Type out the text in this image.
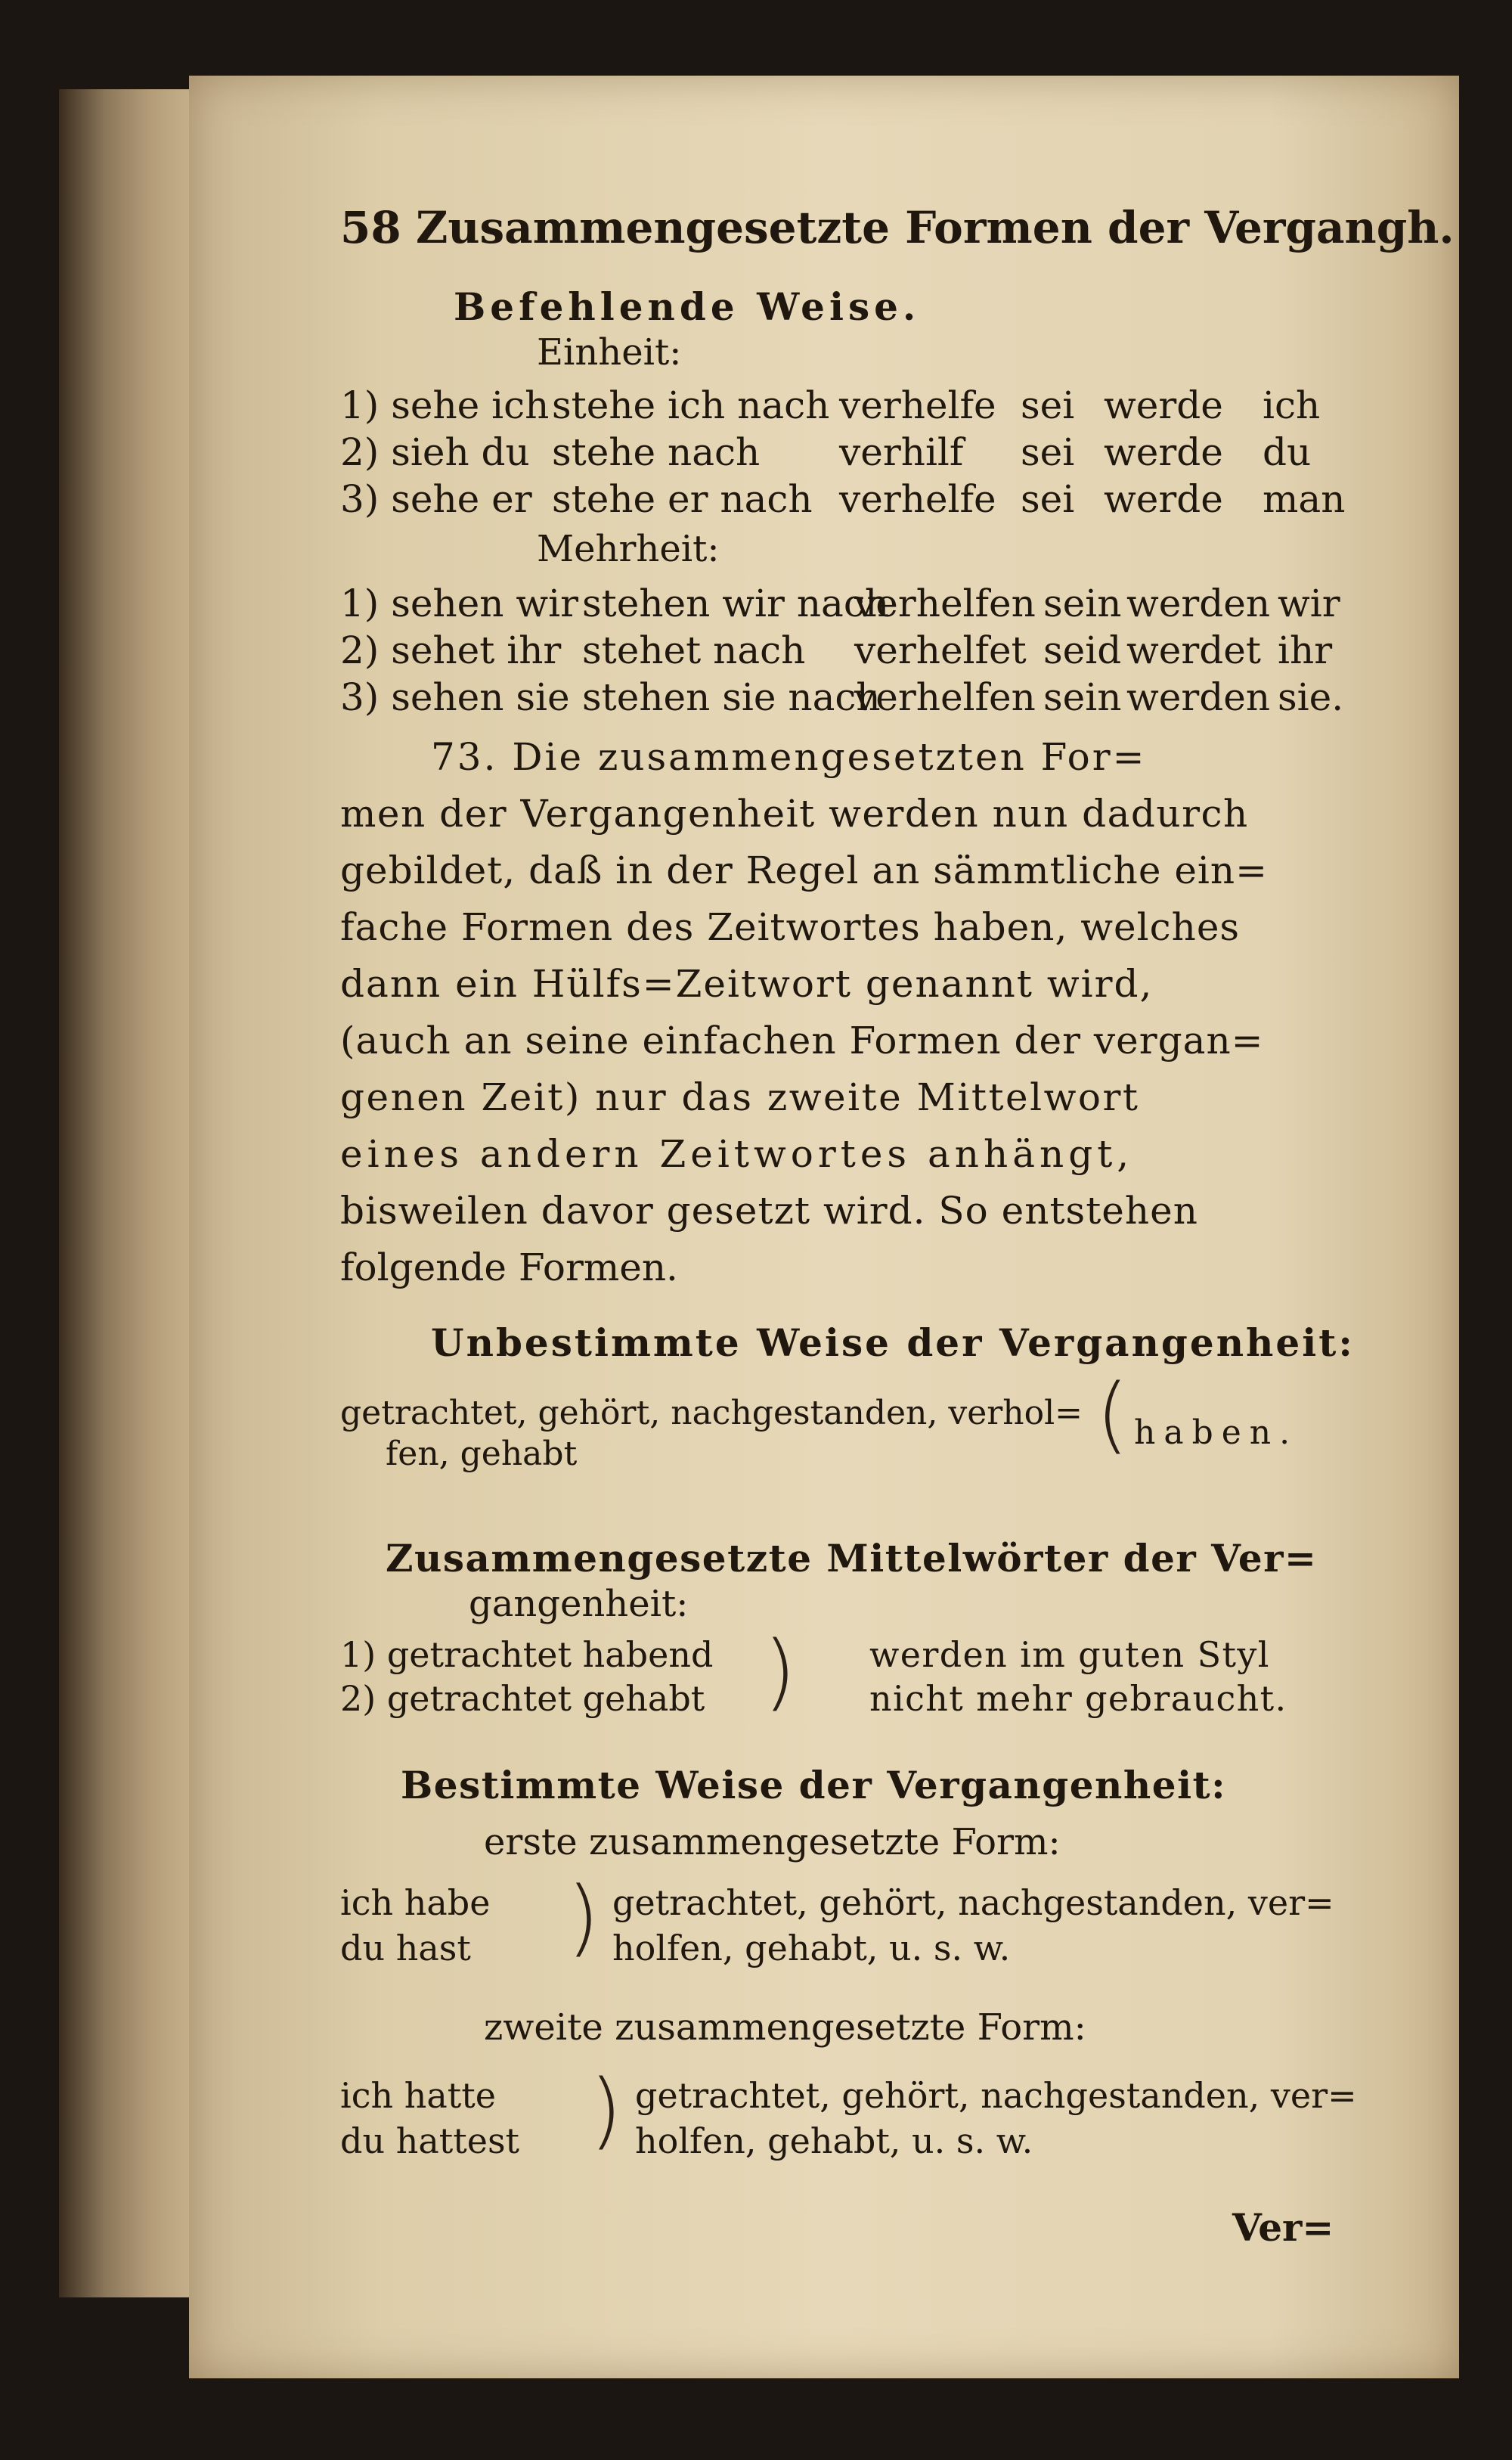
58 Zusammengesetzte Formen der Vergangh.
Befehlende Weise.
Einheit:
1) sehe ich stehe ich nach verhelfe sei werde ich
2) sieh du stehe nach verhilf sei werde du
3) sehe er stehe er nach verhelfe sei werde man
Mehrheit:
1) sehen wir stehen wir nach
verhelfen sein werden wir
2) sehet ihr stehet nach verhelfet seid werdet ihr
3) sehen sie stehen sie nach
verhelfen sein werden sie.
73. Die zusammengesetzten For=
men der Vergangenheit werden nun dadurch
gebildet, daß in der Regel an sämmtliche ein=
fache Formen des Zeitwortes haben, welches
dann ein Hülfs=Zeitwort genannt wird,
(auch an seine einfachen Formen der vergan=
genen Zeit) nur das zweite Mittelwort
eines andern Zeitwortes anhängt,
bisweilen davor gesetzt wird. So entstehen
folgende Formen.
Unbestimmte Weise der Vergangenheit:
getrachtet, gehört, nachgestanden, verhol=
fen, gehabt	( haben.
Zusammengesetzte Mittelwörter der Ver=
gangenheit:
1) getrachtet habend
2) getrachtet gehabt ) werden im guten Styl
nicht mehr gebraucht.
Bestimmte Weise der Vergangenheit:
erste zusammengesetzte Form:
ich habe
du hast ) getrachtet, gehört, nachgestanden, ver=
holfen, gehabt, u. s. w.
zweite zusammengesetzte Form:
ich hatte
du hattest ) getrachtet, gehört, nachgestanden, ver=
holfen, gehabt, u. s. w.
Ver=
